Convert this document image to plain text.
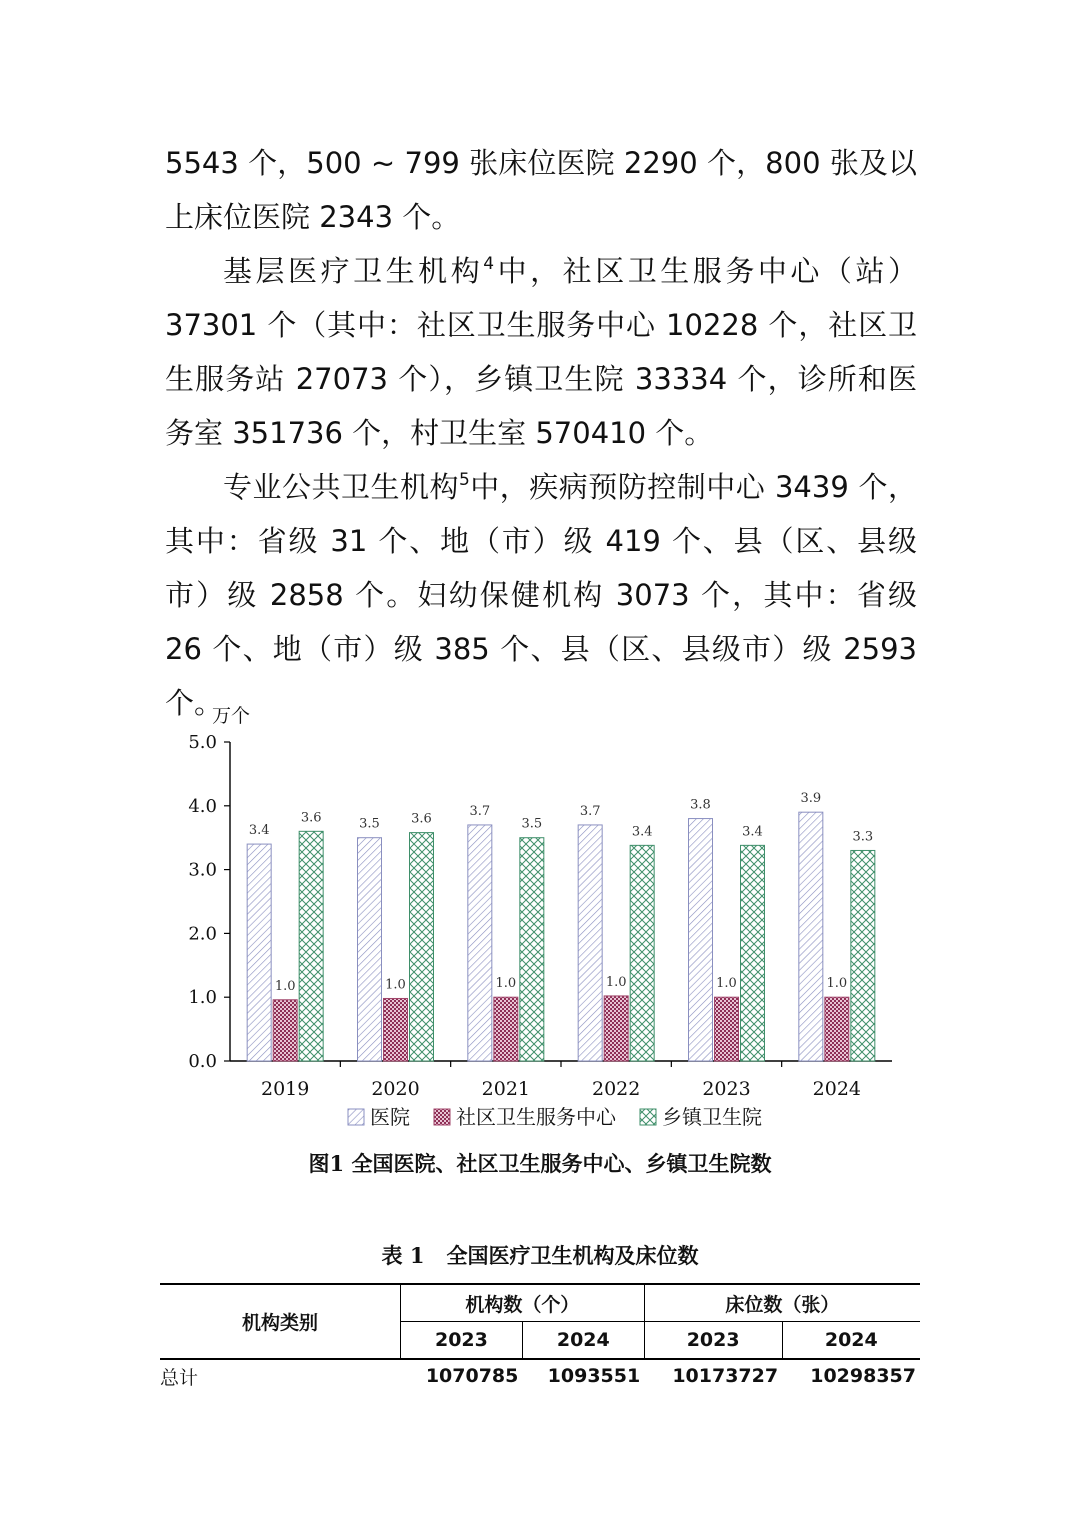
5543 个，500 ~ 799 张床位医院 2290 个，800 张及以上床位医院 2343 个。

基层医疗卫生机构$^4$中，社区卫生服务中心（站）37301 个（其中：社区卫生服务中心 10228 个，社区卫生服务站 27073 个），乡镇卫生院 33334 个，诊所和医务室 351736 个，村卫生室 570410 个。

专业公共卫生机构$^5$中，疾病预防控制中心 3439 个，其中：省级 31 个、地（市）级 419 个、县（区、县级市）级 2858 个。妇幼保健机构 3073 个，其中：省级 26 个、地（市）级 385 个、县（区、县级市）级 2593 个。

万个
0.0
1.0
2.0
3.0
4.0
5.0
2019	2020	2021	2022	2023	2024
3.4
1.0
3.6	3.5
1.0
3.6
3.7
1.0
3.5
3.7
1.0
3.4
3.8
1.0
3.4
3.9
1.0
3.3
医院 社区卫生服务中心 乡镇卫生院
图1 全国医院、社区卫生服务中心、乡镇卫生院数
表 1 全国医疗卫生机构及床位数
机构类别	机构数（个）		床位数（张）	
	2023	2024	2023	2024
总计	1070785	1093551	10173727	10298357
